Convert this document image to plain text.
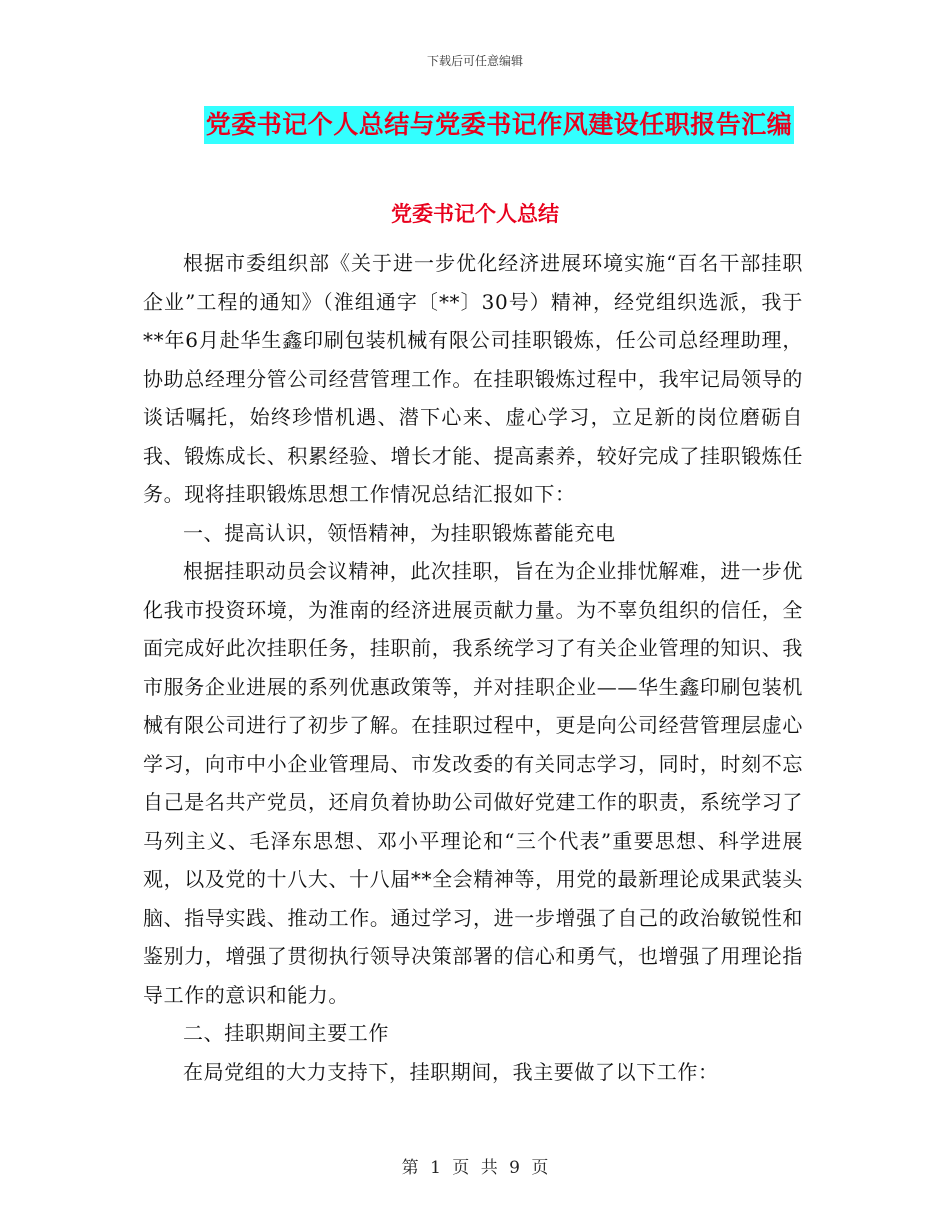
下载后可任意编辑
党委书记个人总结与党委书记作风建设任职报告汇编
党委书记个人总结

根据市委组织部《关于进一步优化经济进展环境实施“百名干部挂职企业”工程的通知》（淮组通字〔**〕30号）精神，经党组织选派，我于**年6月赴华生鑫印刷包装机械有限公司挂职锻炼，任公司总经理助理，协助总经理分管公司经营管理工作。在挂职锻炼过程中，我牢记局领导的谈话嘱托，始终珍惜机遇、潜下心来、虚心学习，立足新的岗位磨砺自我、锻炼成长、积累经验、增长才能、提高素养，较好完成了挂职锻炼任务。现将挂职锻炼思想工作情况总结汇报如下：

一、提高认识，领悟精神，为挂职锻炼蓄能充电

根据挂职动员会议精神，此次挂职，旨在为企业排忧解难，进一步优化我市投资环境，为淮南的经济进展贡献力量。为不辜负组织的信任，全面完成好此次挂职任务，挂职前，我系统学习了有关企业管理的知识、我市服务企业进展的系列优惠政策等，并对挂职企业——华生鑫印刷包装机械有限公司进行了初步了解。在挂职过程中，更是向公司经营管理层虚心学习，向市中小企业管理局、市发改委的有关同志学习，同时，时刻不忘自己是名共产党员，还肩负着协助公司做好党建工作的职责，系统学习了马列主义、毛泽东思想、邓小平理论和“三个代表”重要思想、科学进展观，以及党的十八大、十八届**全会精神等，用党的最新理论成果武装头脑、指导实践、推动工作。通过学习，进一步增强了自己的政治敏锐性和鉴别力，增强了贯彻执行领导决策部署的信心和勇气，也增强了用理论指导工作的意识和能力。

二、挂职期间主要工作

在局党组的大力支持下，挂职期间，我主要做了以下工作：

第 1 页 共 9 页
